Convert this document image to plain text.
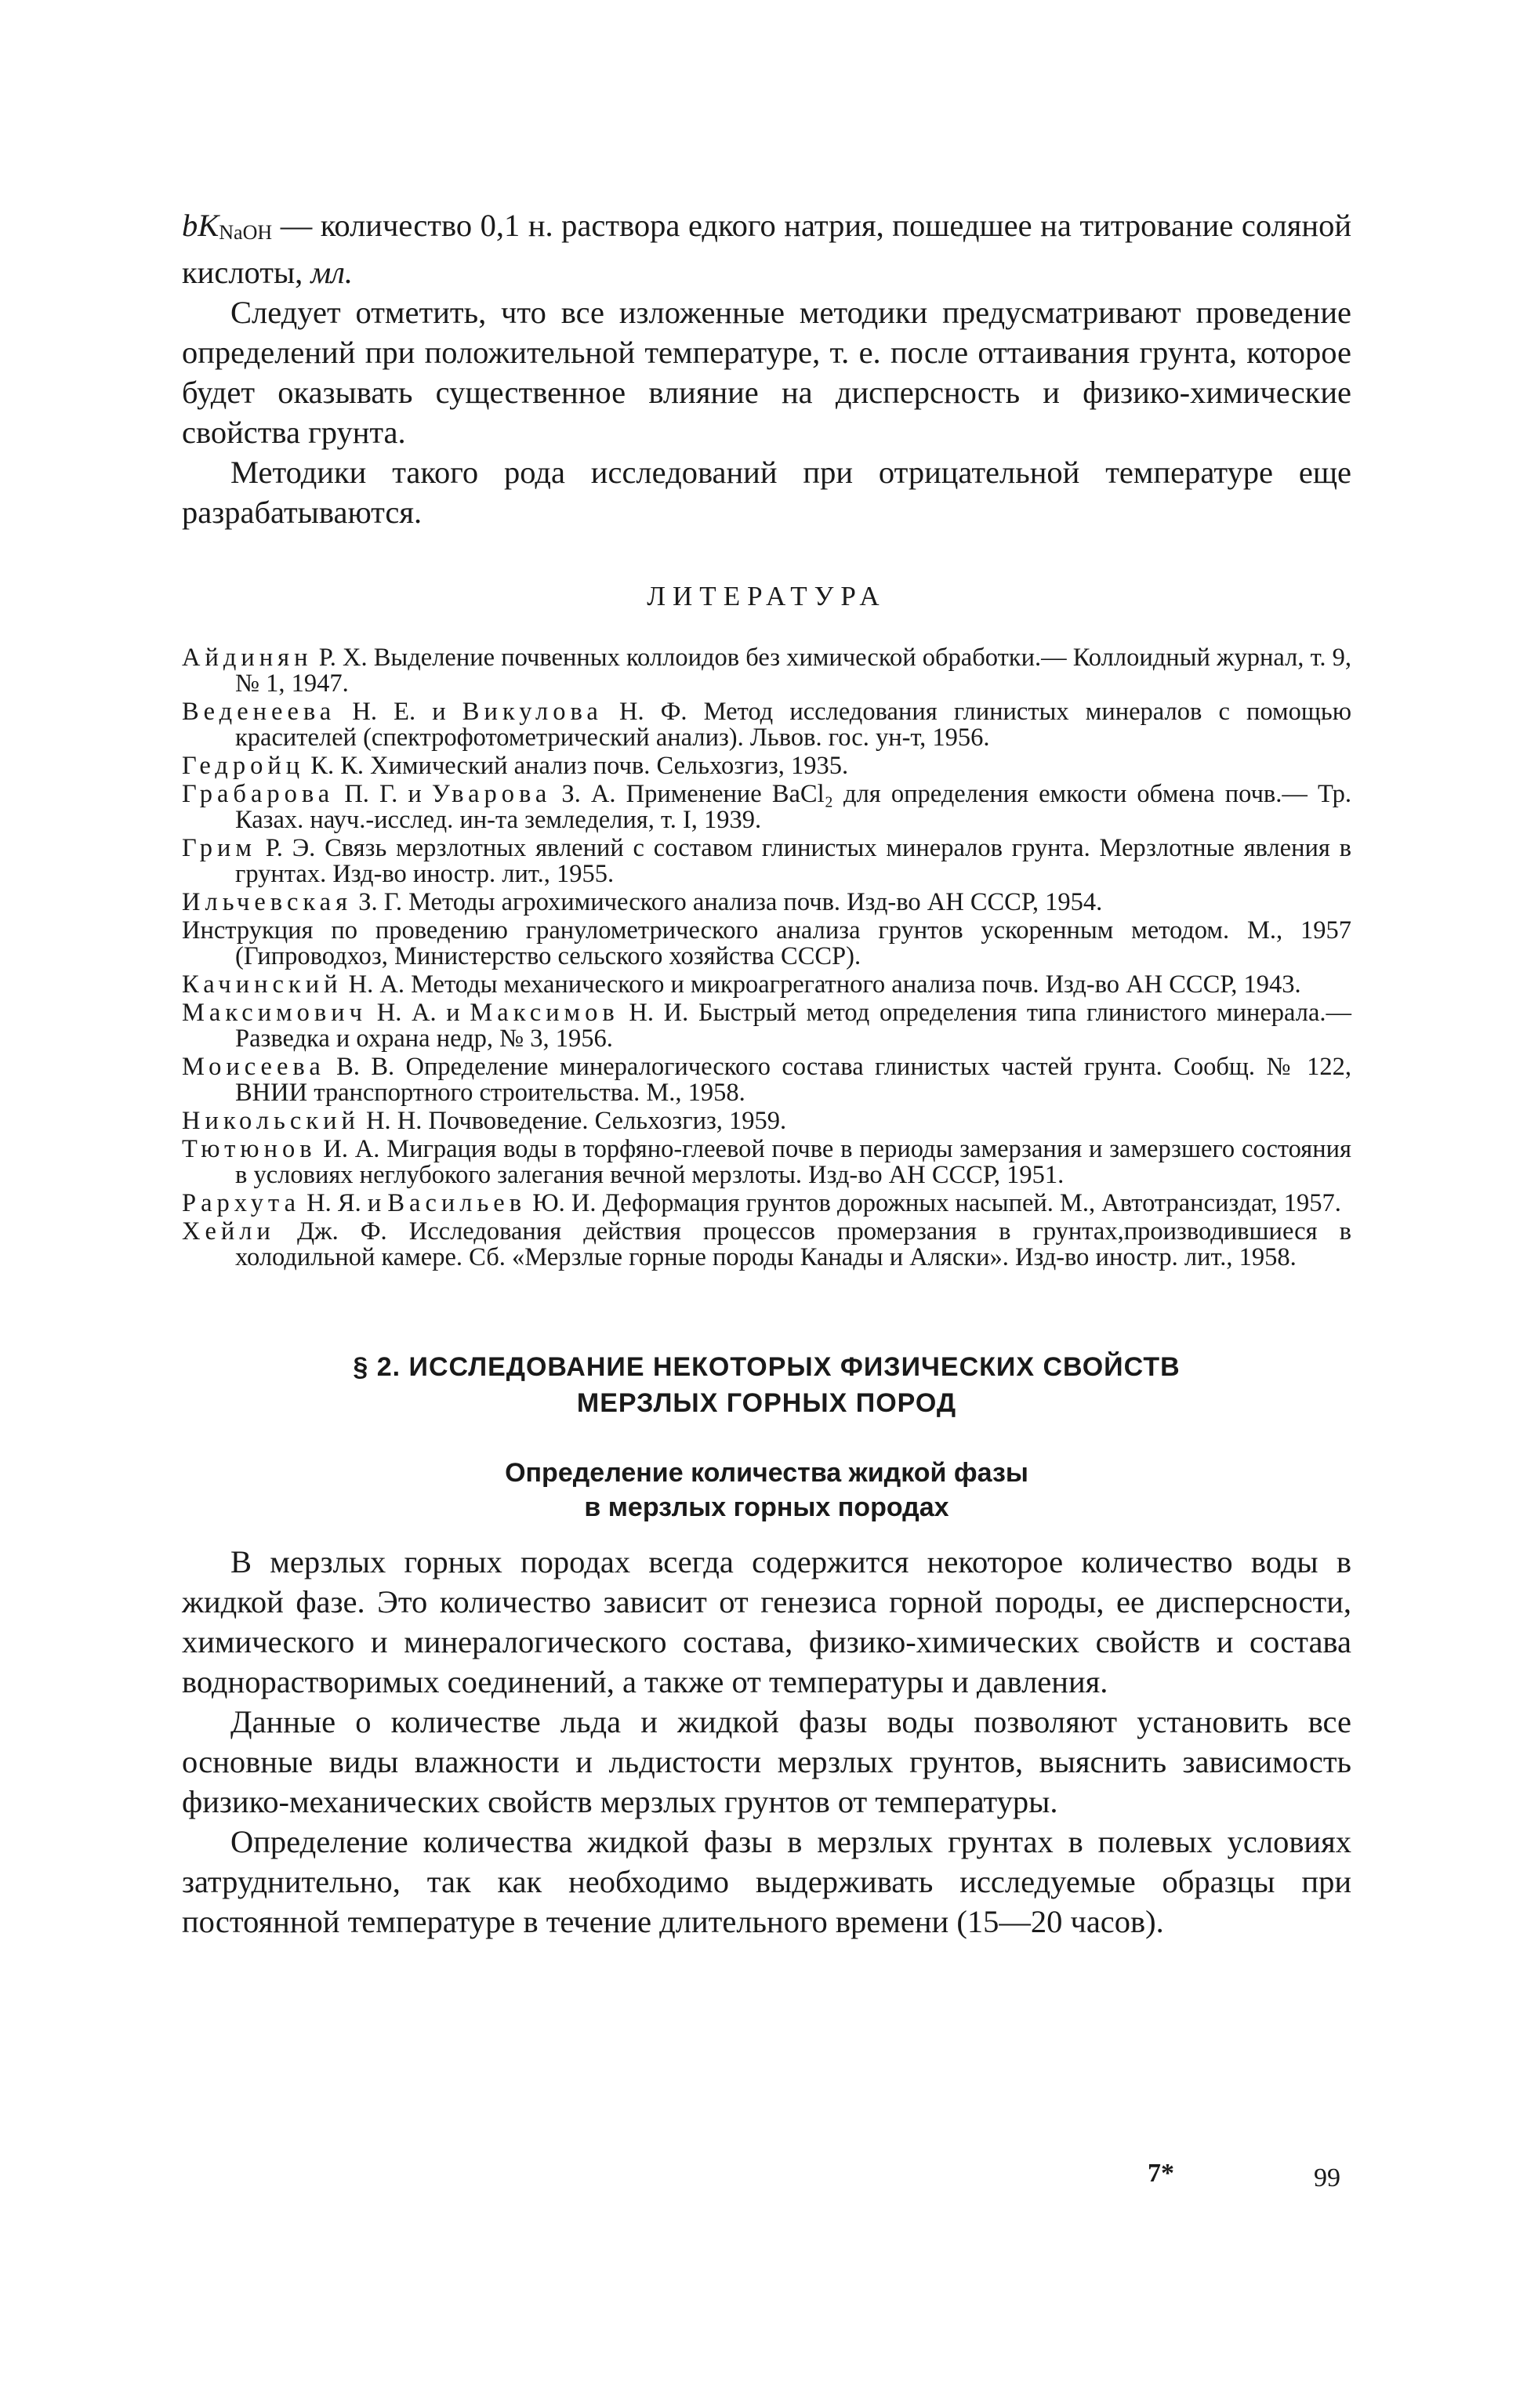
bKNaOH — количество 0,1 н. раствора едкого натрия, пошедшее на титрование соляной кислоты, мл.

Следует отметить, что все изложенные методики предусматривают проведение определений при положительной температуре, т. е. после оттаивания грунта, которое будет оказывать существенное влияние на дисперсность и физико-химические свойства грунта.

Методики такого рода исследований при отрицательной температуре еще разрабатываются.

ЛИТЕРАТУРА

Айдинян Р. Х. Выделение почвенных коллоидов без химической обработки.— Коллоидный журнал, т. 9, № 1, 1947.

Веденеева Н. Е. и Викулова Н. Ф. Метод исследования глинистых минералов с помощью красителей (спектрофотометрический анализ). Львов. гос. ун-т, 1956.

Гедройц К. К. Химический анализ почв. Сельхозгиз, 1935.

Грабарова П. Г. и Уварова З. А. Применение BaCl₂ для определения емкости обмена почв.— Тр. Казах. науч.-исслед. ин-та земледелия, т. I, 1939.

Грим Р. Э. Связь мерзлотных явлений с составом глинистых минералов грунта. Мерзлотные явления в грунтах. Изд-во иностр. лит., 1955.

Ильчевская З. Г. Методы агрохимического анализа почв. Изд-во АН СССР, 1954.

Инструкция по проведению гранулометрического анализа грунтов ускоренным методом. М., 1957 (Гипроводхоз, Министерство сельского хозяйства СССР).

Качинский Н. А. Методы механического и микроагрегатного анализа почв. Изд-во АН СССР, 1943.

Максимович Н. А. и Максимов Н. И. Быстрый метод определения типа глинистого минерала.— Разведка и охрана недр, № 3, 1956.

Моисеева В. В. Определение минералогического состава глинистых частей грунта. Сообщ. № 122, ВНИИ транспортного строительства. М., 1958.

Никольский Н. Н. Почвоведение. Сельхозгиз, 1959.

Тютюнов И. А. Миграция воды в торфяно-глеевой почве в периоды замерзания и замерзшего состояния в условиях неглубокого залегания вечной мерзлоты. Изд-во АН СССР, 1951.

Рархута Н. Я. и Васильев Ю. И. Деформация грунтов дорожных насыпей. М., Автотрансиздат, 1957.

Хейли Дж. Ф. Исследования действия процессов промерзания в грунтах,производившиеся в холодильной камере. Сб. «Мерзлые горные породы Канады и Аляски». Изд-во иностр. лит., 1958.

§ 2. ИССЛЕДОВАНИЕ НЕКОТОРЫХ ФИЗИЧЕСКИХ СВОЙСТВ
МЕРЗЛЫХ ГОРНЫХ ПОРОД
Определение количества жидкой фазы
в мерзлых горных породах

В мерзлых горных породах всегда содержится некоторое количество воды в жидкой фазе. Это количество зависит от генезиса горной породы, ее дисперсности, химического и минералогического состава, физико-химических свойств и состава воднорастворимых соединений, а также от температуры и давления.

Данные о количестве льда и жидкой фазы воды позволяют установить все основные виды влажности и льдистости мерзлых грунтов, выяснить зависимость физико-механических свойств мерзлых грунтов от температуры.

Определение количества жидкой фазы в мерзлых грунтах в полевых условиях затруднительно, так как необходимо выдерживать исследуемые образцы при постоянной температуре в течение длительного времени (15—20 часов).

7*	99
